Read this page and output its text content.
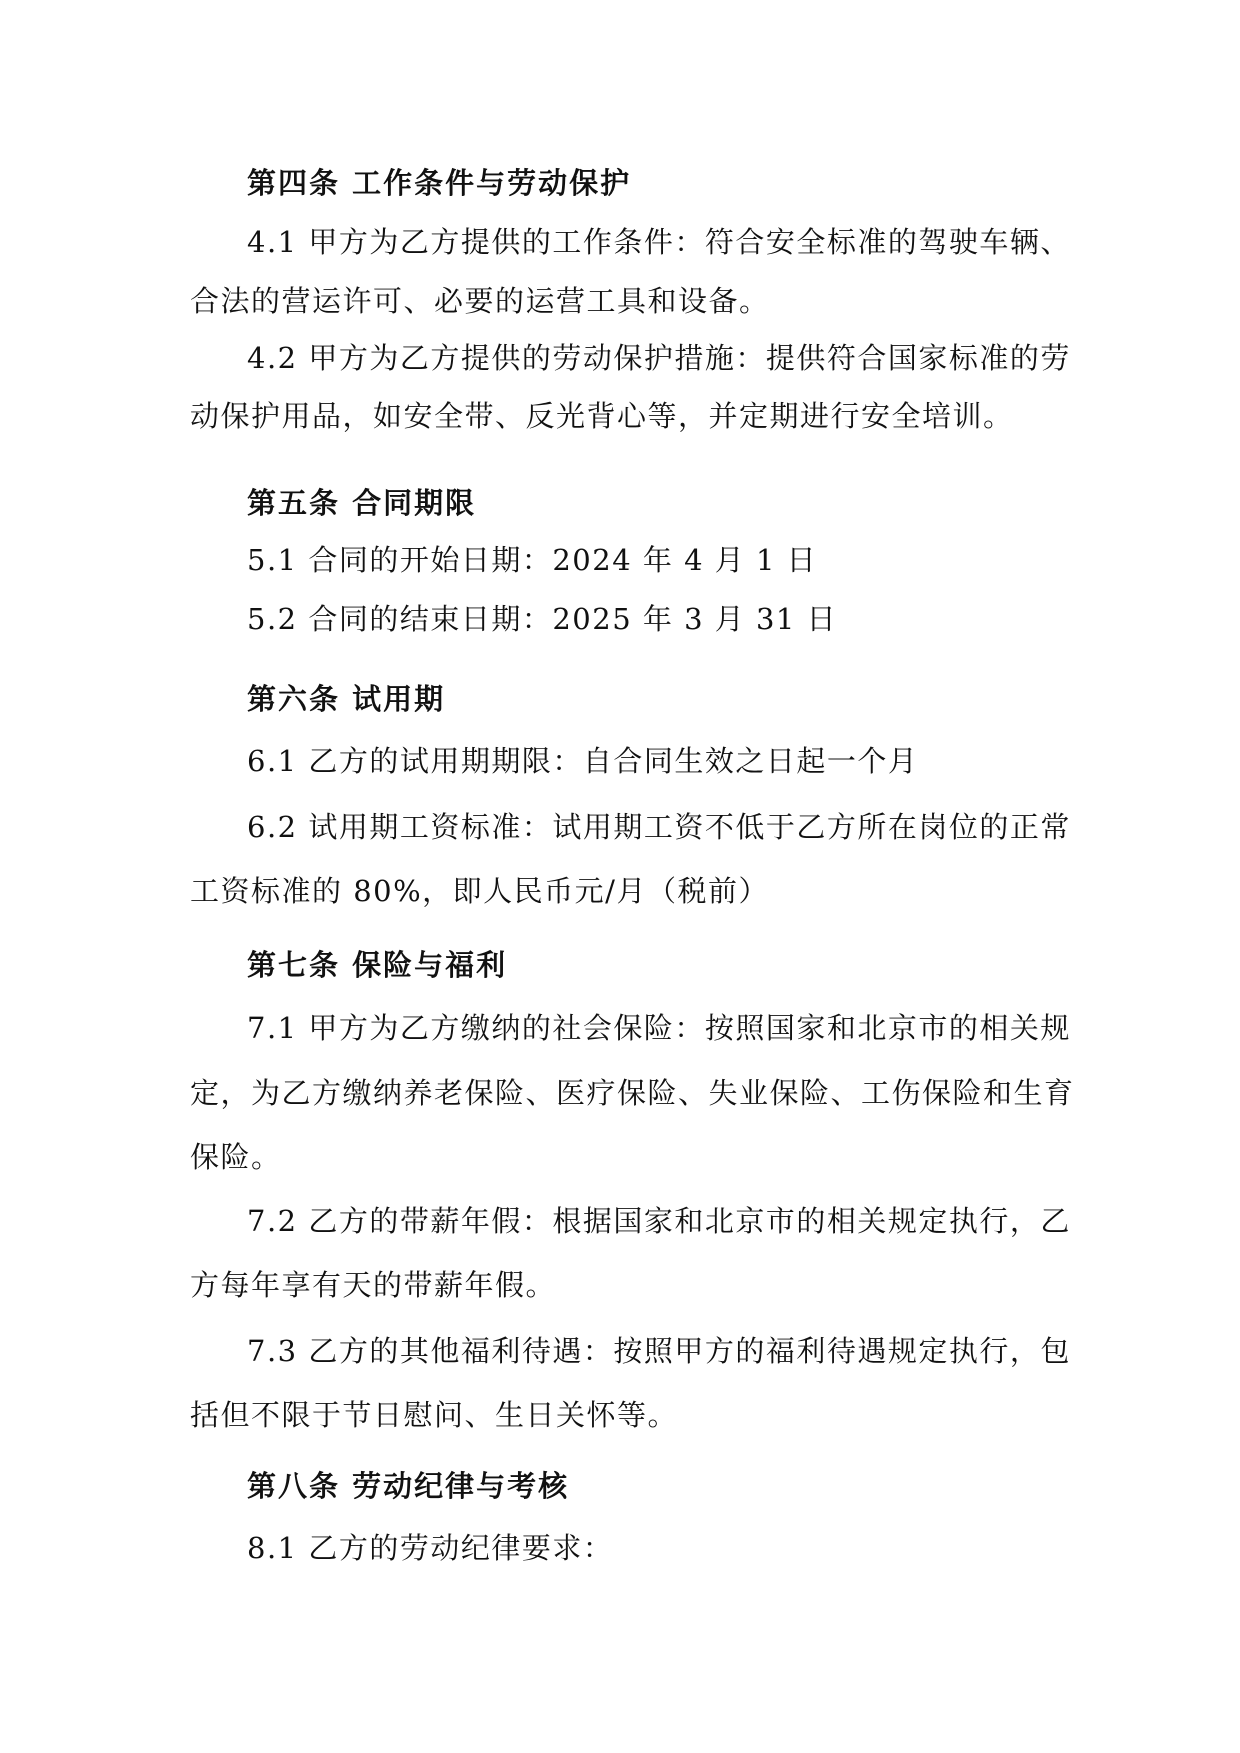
第四条 工作条件与劳动保护
4.1 甲方为乙方提供的工作条件：符合安全标准的驾驶车辆、
合法的营运许可、必要的运营工具和设备。
4.2 甲方为乙方提供的劳动保护措施：提供符合国家标准的劳
动保护用品，如安全带、反光背心等，并定期进行安全培训。
第五条 合同期限
5.1 合同的开始日期：2024 年 4 月 1 日
5.2 合同的结束日期：2025 年 3 月 31 日
第六条 试用期
6.1 乙方的试用期期限：自合同生效之日起一个月
6.2 试用期工资标准：试用期工资不低于乙方所在岗位的正常
工资标准的 80%，即人民币元/月（税前）
第七条 保险与福利
7.1 甲方为乙方缴纳的社会保险：按照国家和北京市的相关规
定，为乙方缴纳养老保险、医疗保险、失业保险、工伤保险和生育
保险。
7.2 乙方的带薪年假：根据国家和北京市的相关规定执行，乙
方每年享有天的带薪年假。
7.3 乙方的其他福利待遇：按照甲方的福利待遇规定执行，包
括但不限于节日慰问、生日关怀等。
第八条 劳动纪律与考核
8.1 乙方的劳动纪律要求：
